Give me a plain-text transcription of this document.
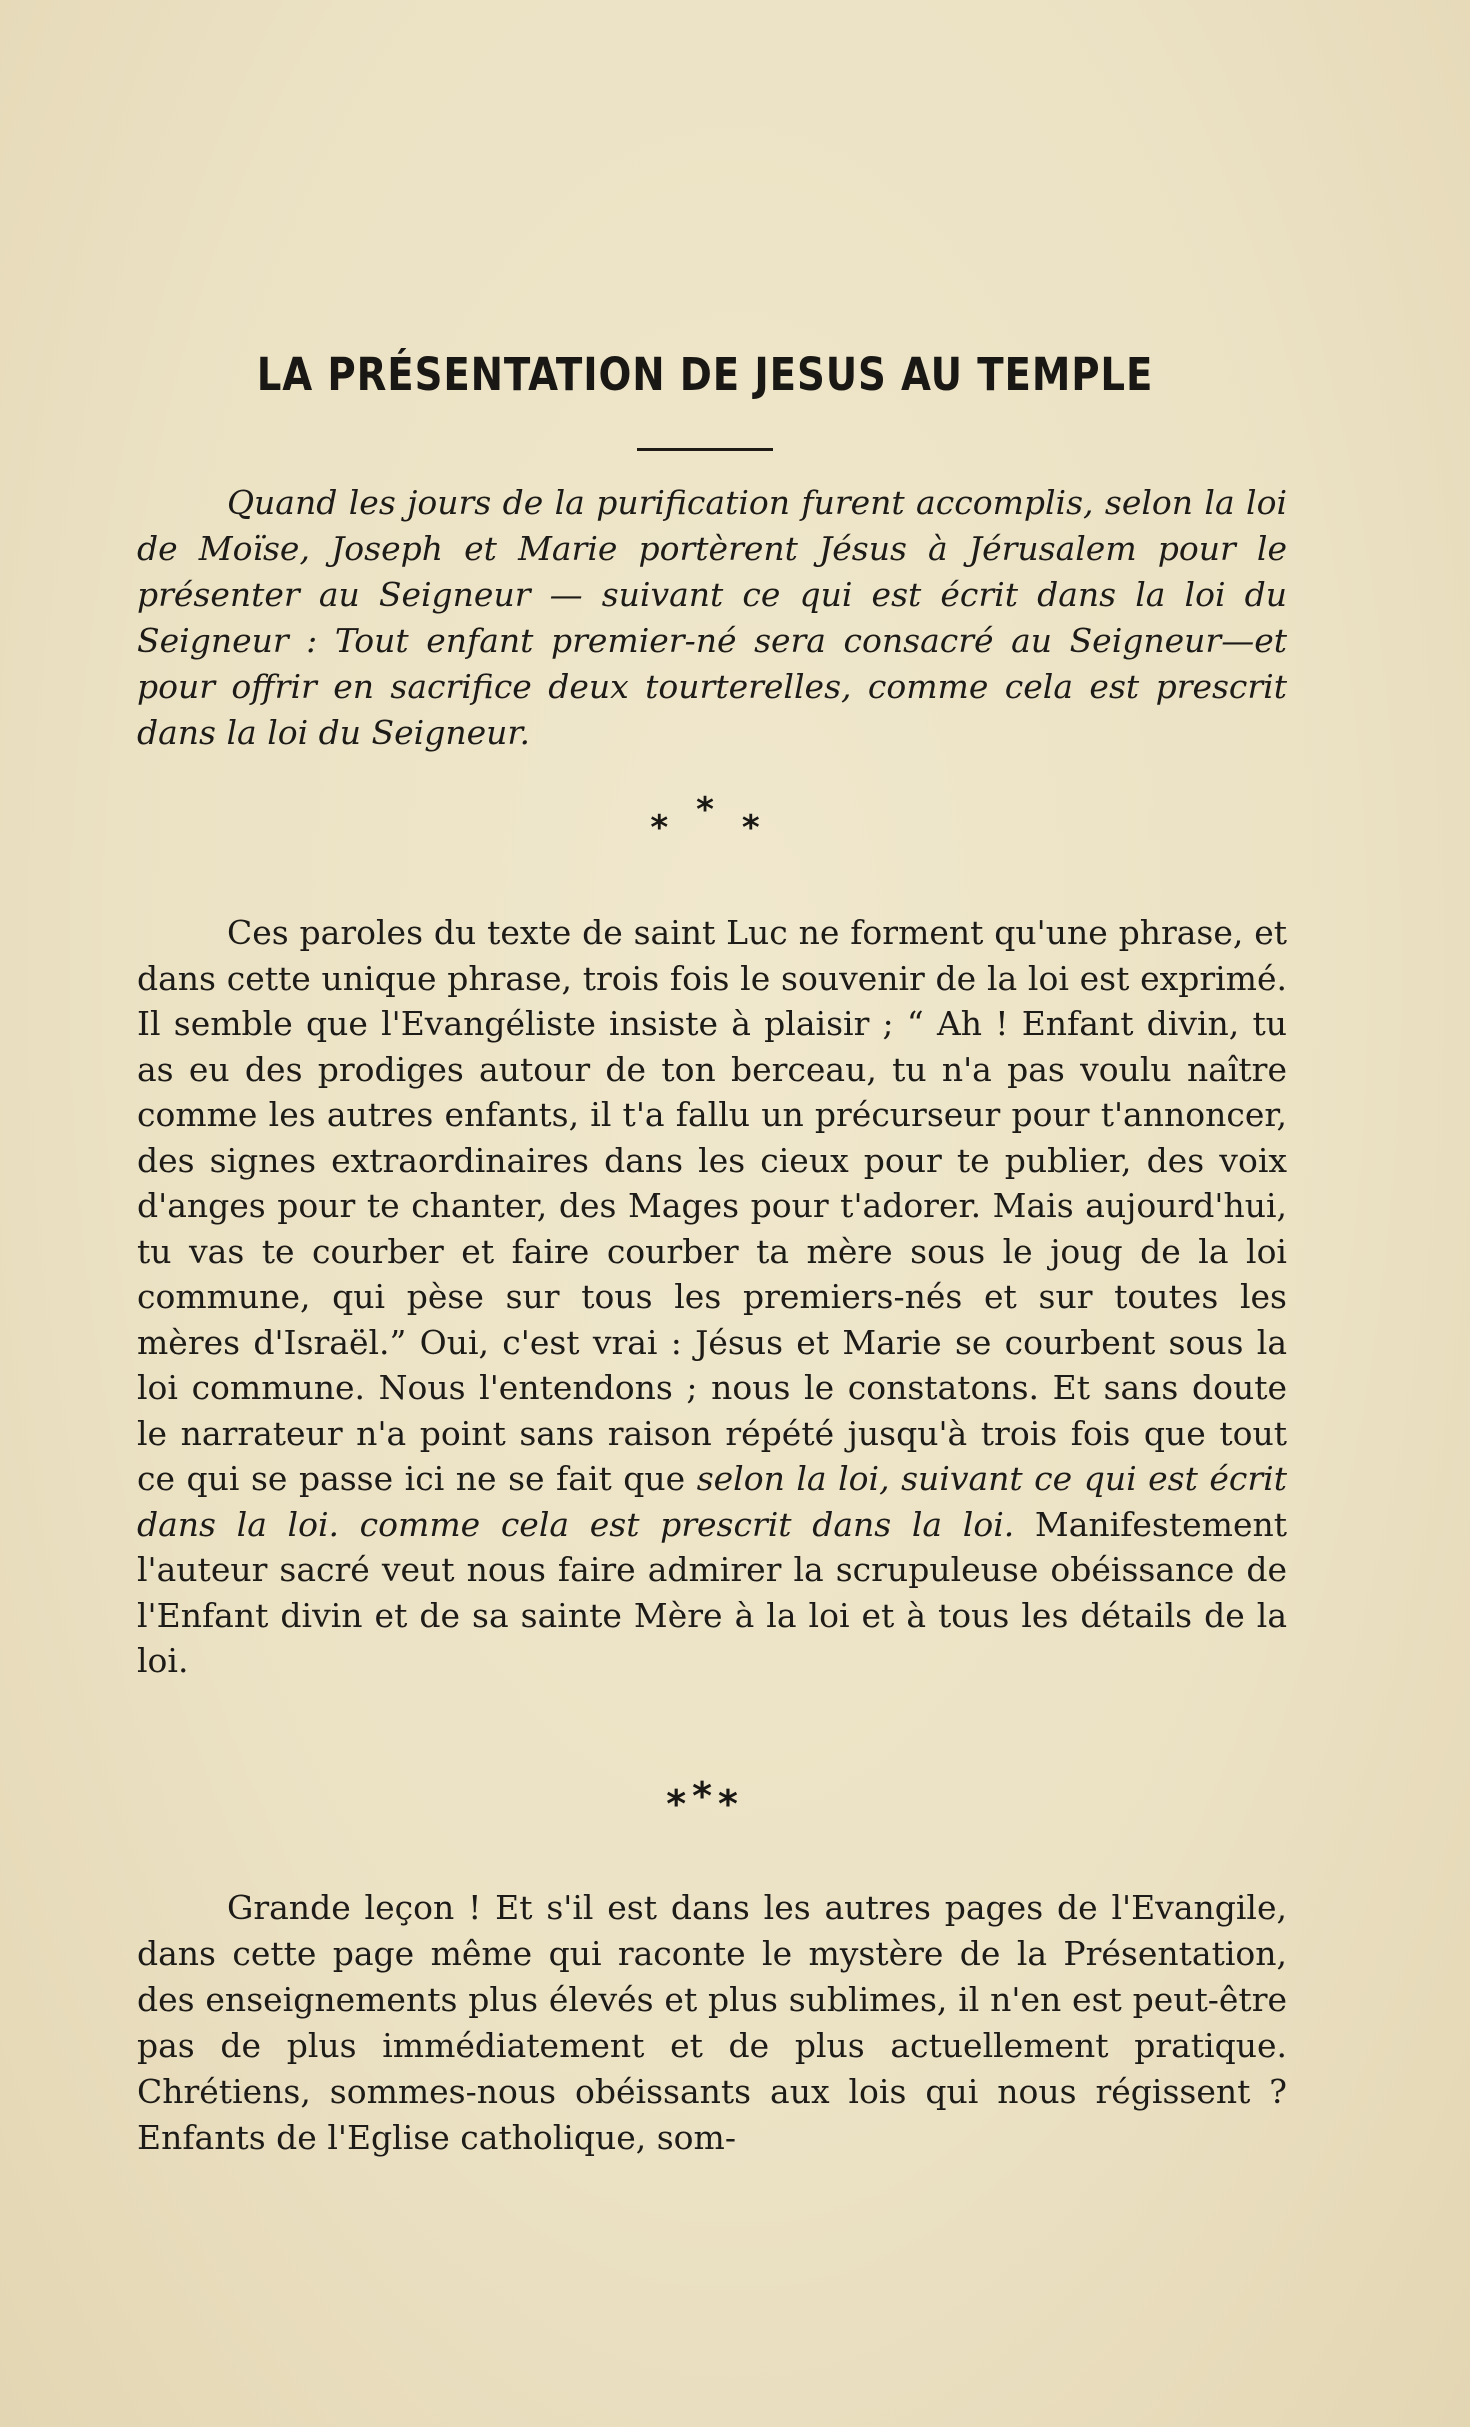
LA PRÉSENTATION DE JESUS AU TEMPLE

Quand les jours de la purification furent accomplis, selon la loi de Moïse, Joseph et Marie portèrent Jésus à Jérusalem pour le présenter au Seigneur — suivant ce qui est écrit dans la loi du Seigneur : Tout enfant premier-né sera consacré au Seigneur—et pour offrir en sacrifice deux tourterelles, comme cela est prescrit dans la loi du Seigneur.

* * *

Ces paroles du texte de saint Luc ne forment qu'une phrase, et dans cette unique phrase, trois fois le souvenir de la loi est exprimé. Il semble que l'Evangéliste insiste à plaisir ; “ Ah ! Enfant divin, tu as eu des prodiges autour de ton berceau, tu n'a pas voulu naître comme les autres enfants, il t'a fallu un précurseur pour t'annoncer, des signes extraordinaires dans les cieux pour te publier, des voix d'anges pour te chanter, des Mages pour t'adorer. Mais aujourd'hui, tu vas te courber et faire courber ta mère sous le joug de la loi commune, qui pèse sur tous les premiers-nés et sur toutes les mères d'Israël.” Oui, c'est vrai : Jésus et Marie se courbent sous la loi commune. Nous l'entendons ; nous le constatons. Et sans doute le narrateur n'a point sans raison répété jusqu'à trois fois que tout ce qui se passe ici ne se fait que selon la loi, suivant ce qui est écrit dans la loi. comme cela est prescrit dans la loi. Manifestement l'auteur sacré veut nous faire admirer la scrupuleuse obéissance de l'Enfant divin et de sa sainte Mère à la loi et à tous les détails de la loi.

***

Grande leçon ! Et s'il est dans les autres pages de l'Evangile, dans cette page même qui raconte le mystère de la Présentation, des enseignements plus élevés et plus sublimes, il n'en est peut-être pas de plus immédiatement et de plus actuellement pratique. Chrétiens, sommes-nous obéissants aux lois qui nous régissent ? Enfants de l'Eglise catholique, som-
